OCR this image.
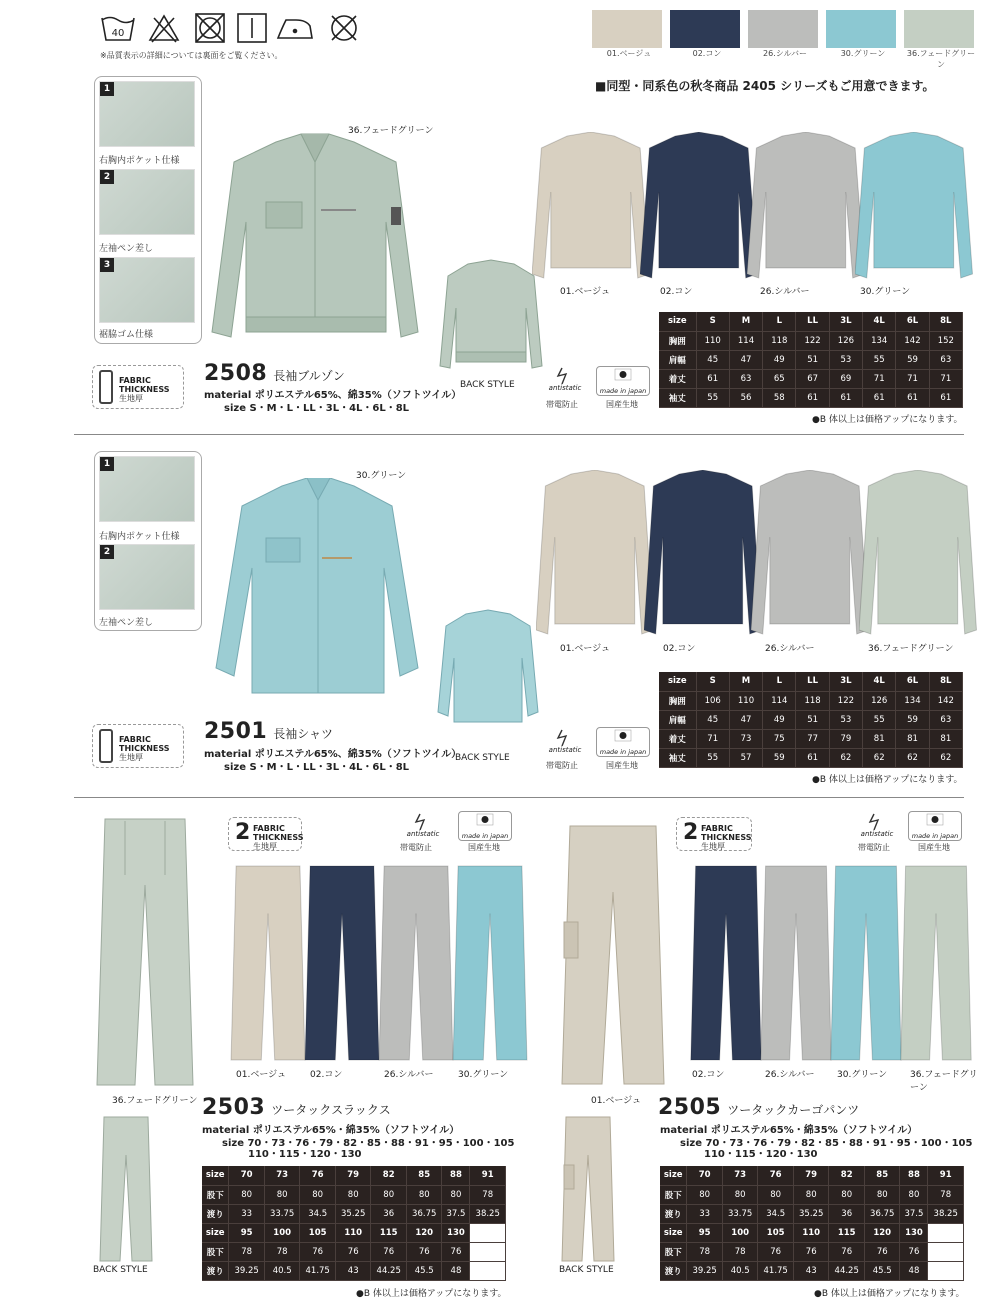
40
※品質表示の詳細については裏面をご覧ください。	01.ベージュ	02.コン	26.シルバー	30.グリーン	36.フェードグリーン
■同型・同系色の秋冬商品 2405 シリーズもご用意できます。
1
右胸内ポケット仕様
2
左袖ペン差し
3
裾脇ゴム仕様
36.フェードグリーン
BACK STYLE
01.ベージュ	02.コン	26.シルバー	30.グリーン
FABRIC
THICKNESS
生地厚
2508 長袖ブルゾン
material ポリエステル65%、綿35%（ソフトツイル）
size S・M・L・LL・3L・4L・6L・8L
antistatic
帯電防止
made in japan
国産生地
size	S	M	L	LL	3L	4L	6L	8L
胸囲	110	114	118	122	126	134	142	152
肩幅	45	47	49	51	53	55	59	63
着丈	61	63	65	67	69	71	71	71
袖丈	55	56	58	61	61	61	61	61
●B 体以上は価格アップになります。
1
右胸内ポケット仕様
2
左袖ペン差し
30.グリーン
BACK STYLE
01.ベージュ	02.コン	26.シルバー	36.フェードグリーン
FABRIC
THICKNESS
生地厚
2501 長袖シャツ
material ポリエステル65%、綿35%（ソフトツイル）
size S・M・L・LL・3L・4L・6L・8L
antistatic
帯電防止
made in japan
国産生地
size	S	M	L	LL	3L	4L	6L	8L
胸囲	106	110	114	118	122	126	134	142
肩幅	45	47	49	51	53	55	59	63
着丈	71	73	75	77	79	81	81	81
袖丈	55	57	59	61	62	62	62	62
●B 体以上は価格アップになります。
36.フェードグリーン
2 FABRIC
THICKNESS
生地厚
antistatic
帯電防止
made in japan
国産生地
01.ベージュ	02.コン	26.シルバー	30.グリーン
BACK STYLE
2503 ツータックスラックス
material ポリエステル65%・綿35%（ソフトツイル）
size 70・73・76・79・82・85・88・91・95・100・105
110・115・120・130
size	70	73	76	79	82	85	88	91
股下	80	80	80	80	80	80	80	78
渡り	33	33.75	34.5	35.25	36	36.75	37.5	38.25
size	95	100	105	110	115	120	130	
股下	78	78	76	76	76	76	76	
渡り	39.25	40.5	41.75	43	44.25	45.5	48	
●B 体以上は価格アップになります。
01.ベージュ
2 FABRIC
THICKNESS
生地厚
antistatic
帯電防止
made in japan
国産生地
02.コン	26.シルバー	30.グリーン	36.フェードグリーン
BACK STYLE
2505 ツータックカーゴパンツ
material ポリエステル65%・綿35%（ソフトツイル）
size 70・73・76・79・82・85・88・91・95・100・105
110・115・120・130
size	70	73	76	79	82	85	88	91
股下	80	80	80	80	80	80	80	78
渡り	33	33.75	34.5	35.25	36	36.75	37.5	38.25
size	95	100	105	110	115	120	130	
股下	78	78	76	76	76	76	76	
渡り	39.25	40.5	41.75	43	44.25	45.5	48	
●B 体以上は価格アップになります。
